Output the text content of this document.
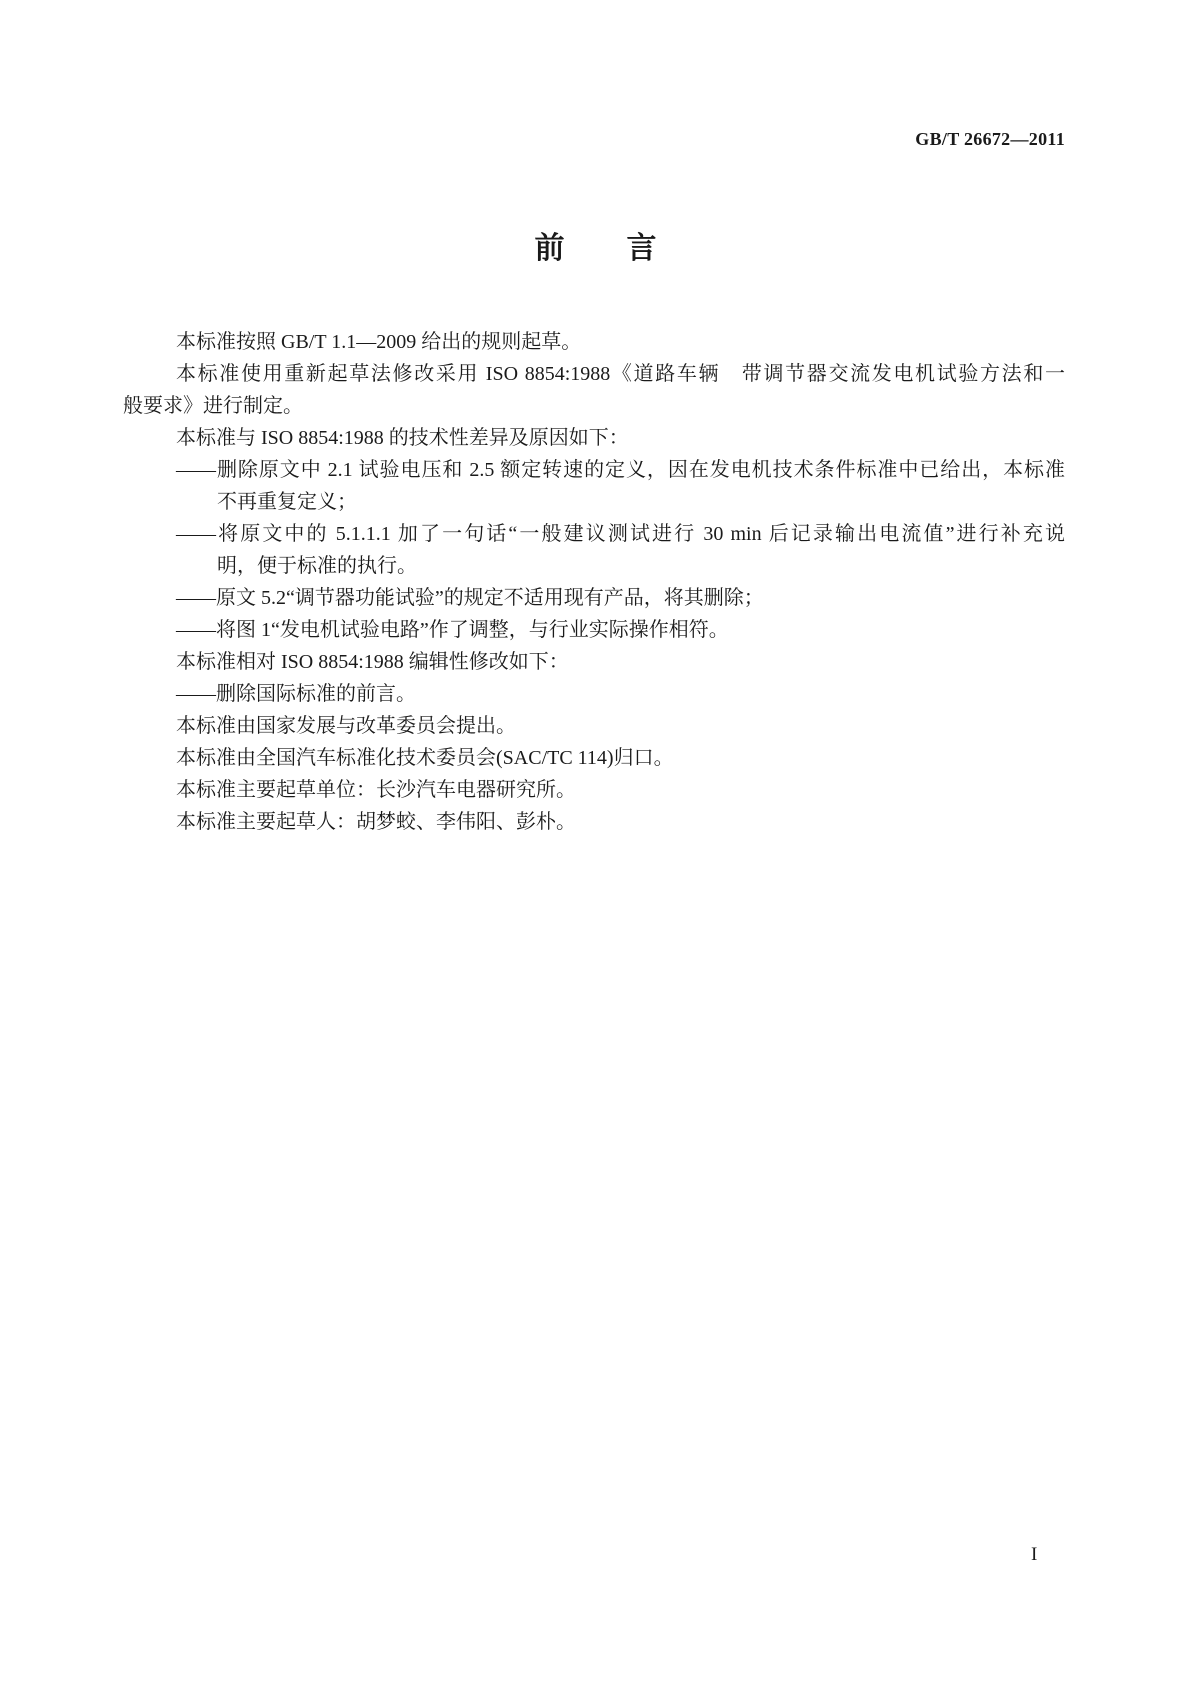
GB/T 26672—2011
前　言
本标准按照 GB/T 1.1—2009 给出的规则起草。
本标准使用重新起草法修改采用 ISO 8854:1988《道路车辆　带调节器交流发电机试验方法和一
般要求》进行制定。
本标准与 ISO 8854:1988 的技术性差异及原因如下：
——删除原文中 2.1 试验电压和 2.5 额定转速的定义，因在发电机技术条件标准中已给出，本标准
不再重复定义；
——将原文中的 5.1.1.1 加了一句话“一般建议测试进行 30 min 后记录输出电流值”进行补充说
明，便于标准的执行。
——原文 5.2“调节器功能试验”的规定不适用现有产品，将其删除；
——将图 1“发电机试验电路”作了调整，与行业实际操作相符。
本标准相对 ISO 8854:1988 编辑性修改如下：
——删除国际标准的前言。
本标准由国家发展与改革委员会提出。
本标准由全国汽车标准化技术委员会(SAC/TC 114)归口。
本标准主要起草单位：长沙汽车电器研究所。
本标准主要起草人：胡梦蛟、李伟阳、彭朴。
I
